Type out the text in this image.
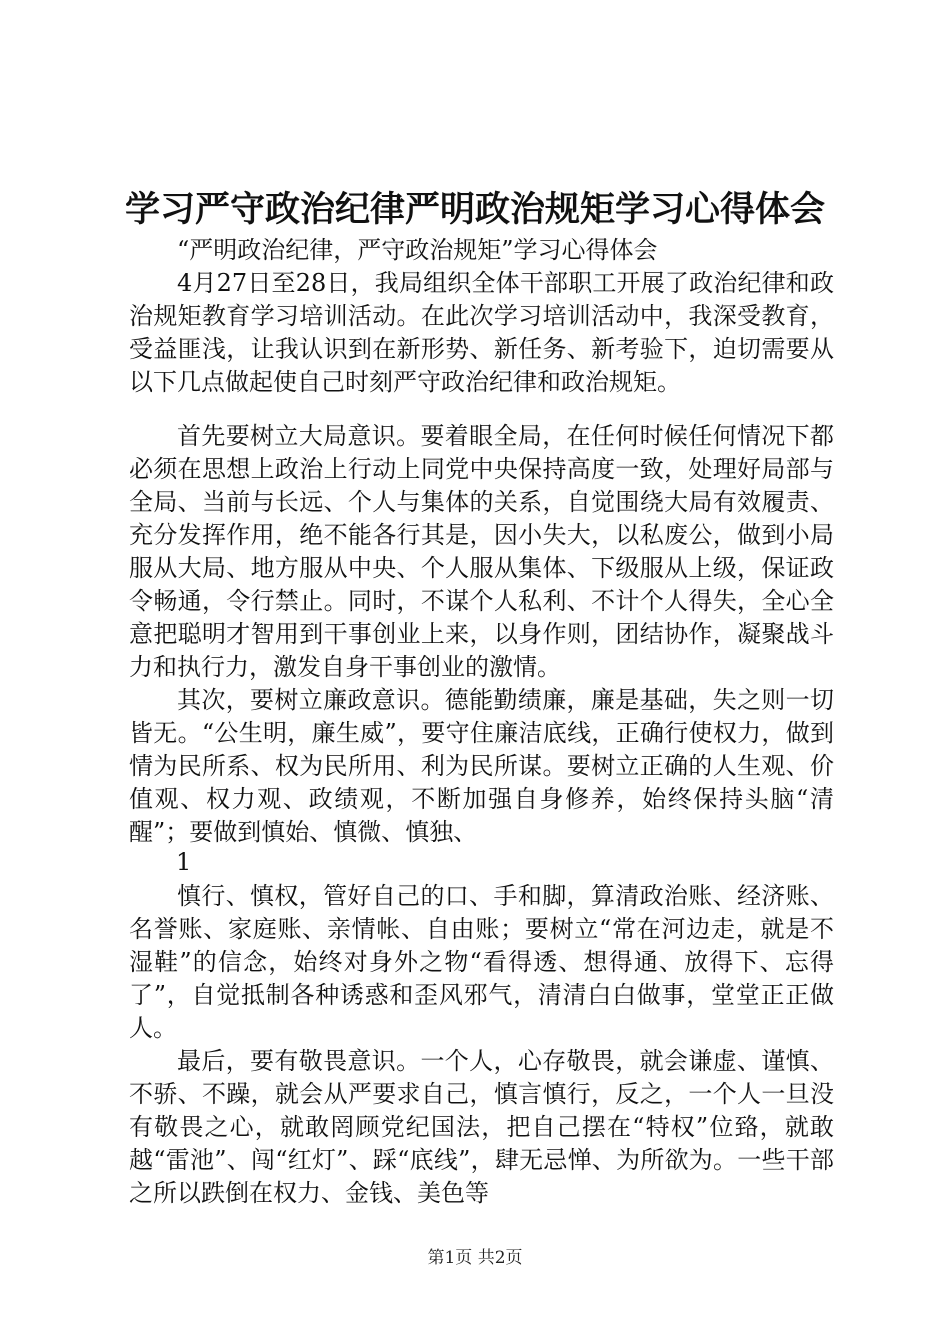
学习严守政治纪律严明政治规矩学习心得体会
“严明政治纪律，严守政治规矩”学习心得体会

4月27日至28日，我局组织全体干部职工开展了政治纪律和政治规矩教育学习培训活动。在此次学习培训活动中，我深受教育，受益匪浅，让我认识到在新形势、新任务、新考验下，迫切需要从以下几点做起使自己时刻严守政治纪律和政治规矩。

首先要树立大局意识。要着眼全局，在任何时候任何情况下都必须在思想上政治上行动上同党中央保持高度一致，处理好局部与全局、当前与长远、个人与集体的关系，自觉围绕大局有效履责、充分发挥作用，绝不能各行其是，因小失大，以私废公，做到小局服从大局、地方服从中央、个人服从集体、下级服从上级，保证政令畅通，令行禁止。同时，不谋个人私利、不计个人得失，全心全意把聪明才智用到干事创业上来，以身作则，团结协作，凝聚战斗力和执行力，激发自身干事创业的激情。

其次，要树立廉政意识。德能勤绩廉，廉是基础，失之则一切皆无。“公生明，廉生威”，要守住廉洁底线，正确行使权力，做到情为民所系、权为民所用、利为民所谋。要树立正确的人生观、价值观、权力观、政绩观，不断加强自身修养，始终保持头脑“清醒”；要做到慎始、慎微、慎独、

1

慎行、慎权，管好自己的口、手和脚，算清政治账、经济账、名誉账、家庭账、亲情帐、自由账；要树立“常在河边走，就是不湿鞋”的信念，始终对身外之物“看得透、想得通、放得下、忘得了”，自觉抵制各种诱惑和歪风邪气，清清白白做事，堂堂正正做人。

最后，要有敬畏意识。一个人，心存敬畏，就会谦虚、谨慎、不骄、不躁，就会从严要求自己，慎言慎行，反之，一个人一旦没有敬畏之心，就敢罔顾党纪国法，把自己摆在“特权”位臵，就敢越“雷池”、闯“红灯”、踩“底线”，肆无忌惮、为所欲为。一些干部之所以跌倒在权力、金钱、美色等

第1页 共2页
